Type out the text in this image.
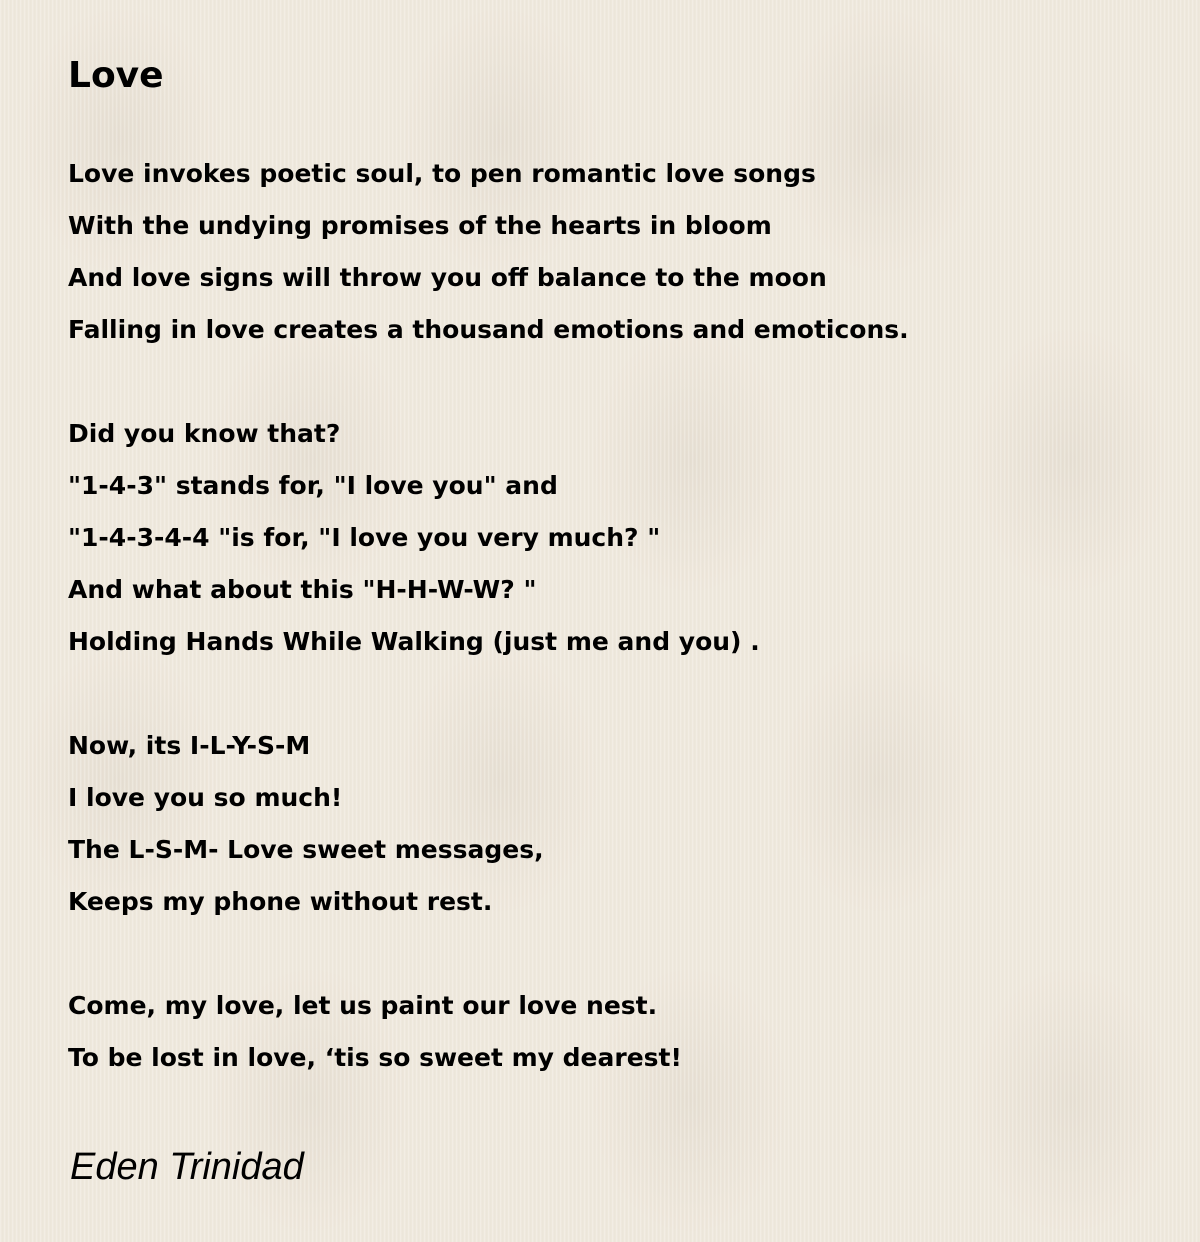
Love
Love invokes poetic soul, to pen romantic love songs
With the undying promises of the hearts in bloom
And love signs will throw you off balance to the moon
Falling in love creates a thousand emotions and emoticons.
Did you know that?
"1-4-3" stands for, "I love you" and
"1-4-3-4-4 "is for, "I love you very much? "
And what about this "H-H-W-W? "
Holding Hands While Walking (just me and you) .
Now, its I-L-Y-S-M
I love you so much!
The L-S-M- Love sweet messages,
Keeps my phone without rest.
Come, my love, let us paint our love nest.
To be lost in love, ‘tis so sweet my dearest!
Eden Trinidad
